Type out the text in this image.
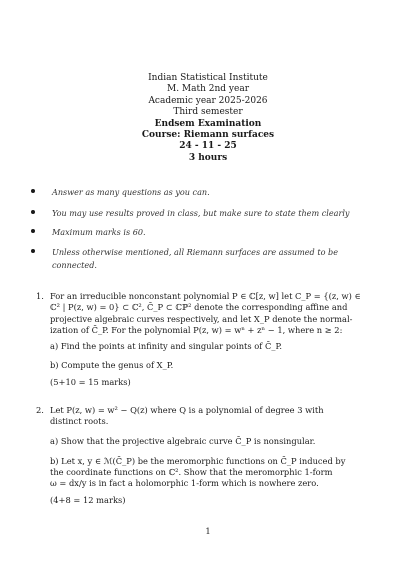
Indian Statistical Institute
M. Math 2nd year
Academic year 2025-2026
Third semester
Endsem Examination
Course: Riemann surfaces
24 - 11 - 25
3 hours
Answer as many questions as you can.
You may use results proved in class, but make sure to state them clearly
Maximum marks is 60.
Unless otherwise mentioned, all Riemann surfaces are assumed to be connected.
1. For an irreducible nonconstant polynomial P ∈ ℂ[z, w] let C_P = {(z, w) ∈

ℂ² | P(z, w) = 0} ⊂ ℂ², C̄_P ⊂ ℂℙ² denote the corresponding affine and

projective algebraic curves respectively, and let X_P denote the normal-

ization of C̄_P. For the polynomial P(z, w) = wⁿ + zⁿ − 1, where n ≥ 2:

a) Find the points at infinity and singular points of C̄_P.

b) Compute the genus of X_P.

(5+10 = 15 marks)

2. Let P(z, w) = w² − Q(z) where Q is a polynomial of degree 3 with

distinct roots.

a) Show that the projective algebraic curve C̄_P is nonsingular.

b) Let x, y ∈ ℳ(C̄_P) be the meromorphic functions on C̄_P induced by

the coordinate functions on ℂ². Show that the meromorphic 1-form

ω = dx/y is in fact a holomorphic 1-form which is nowhere zero.

(4+8 = 12 marks)

1
